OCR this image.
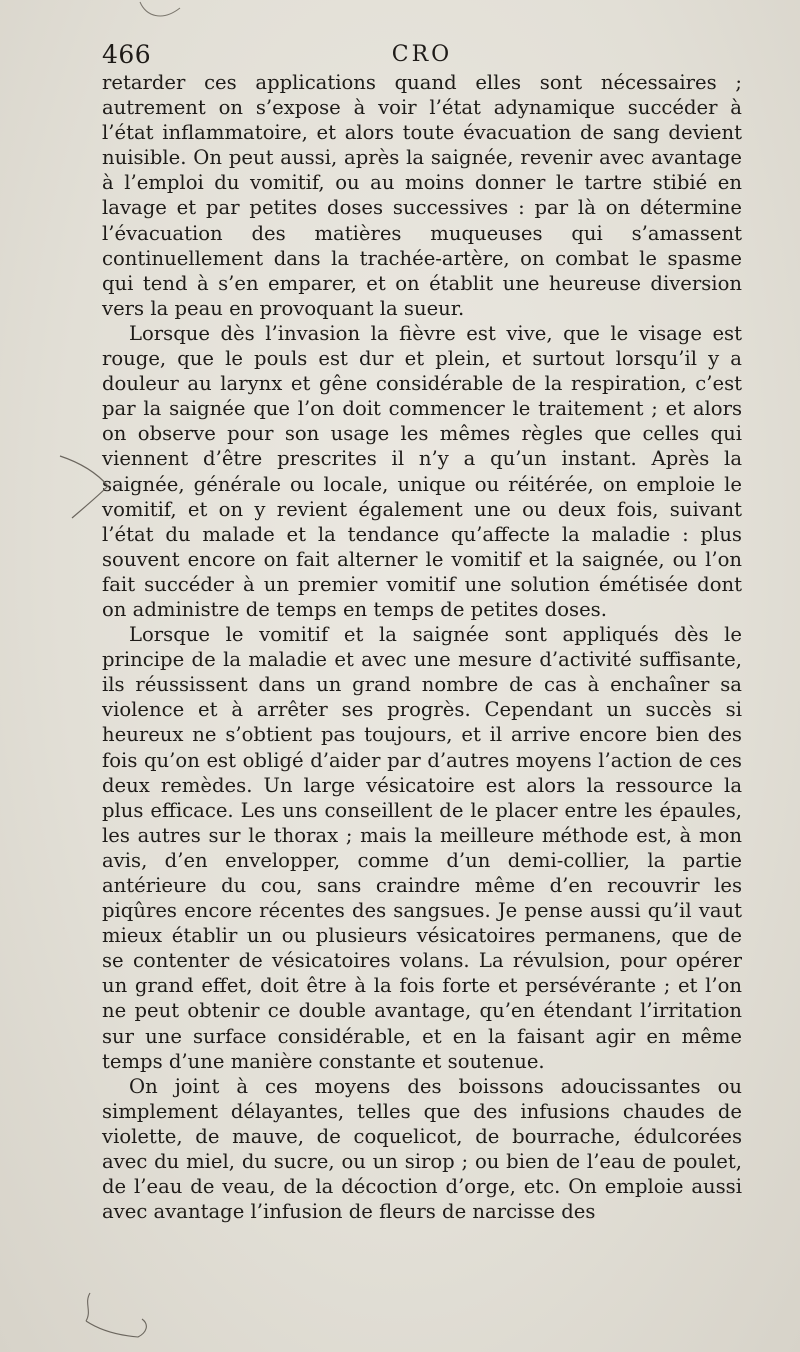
466	CRO

retarder ces applications quand elles sont nécessaires ; autrement on s’expose à voir l’état adynamique succéder à l’état inflammatoire, et alors toute évacuation de sang devient nuisible. On peut aussi, après la saignée, revenir avec avantage à l’emploi du vomitif, ou au moins donner le tartre stibié en lavage et par petites doses successives : par là on détermine l’évacuation des matières muqueuses qui s’amassent continuellement dans la trachée-artère, on combat le spasme qui tend à s’en emparer, et on établit une heureuse diversion vers la peau en provoquant la sueur.

Lorsque dès l’invasion la fièvre est vive, que le visage est rouge, que le pouls est dur et plein, et surtout lorsqu’il y a douleur au larynx et gêne considérable de la respiration, c’est par la saignée que l’on doit commencer le traitement ; et alors on observe pour son usage les mêmes règles que celles qui viennent d’être prescrites il n’y a qu’un instant. Après la saignée, générale ou locale, unique ou réitérée, on emploie le vomitif, et on y revient également une ou deux fois, suivant l’état du malade et la tendance qu’affecte la maladie : plus souvent encore on fait alterner le vomitif et la saignée, ou l’on fait succéder à un premier vomitif une solution émétisée dont on administre de temps en temps de petites doses.

Lorsque le vomitif et la saignée sont appliqués dès le principe de la maladie et avec une mesure d’activité suffisante, ils réussissent dans un grand nombre de cas à enchaîner sa violence et à arrêter ses progrès. Cependant un succès si heureux ne s’obtient pas toujours, et il arrive encore bien des fois qu’on est obligé d’aider par d’autres moyens l’action de ces deux remèdes. Un large vésicatoire est alors la ressource la plus efficace. Les uns conseillent de le placer entre les épaules, les autres sur le thorax ; mais la meilleure méthode est, à mon avis, d’en envelopper, comme d’un demi-collier, la partie antérieure du cou, sans craindre même d’en recouvrir les piqûres encore récentes des sangsues. Je pense aussi qu’il vaut mieux établir un ou plusieurs vésicatoires permanens, que de se contenter de vésicatoires volans. La révulsion, pour opérer un grand effet, doit être à la fois forte et persévérante ; et l’on ne peut obtenir ce double avantage, qu’en étendant l’irritation sur une surface considérable, et en la faisant agir en même temps d’une manière constante et soutenue.

On joint à ces moyens des boissons adoucissantes ou simplement délayantes, telles que des infusions chaudes de violette, de mauve, de coquelicot, de bourrache, édulcorées avec du miel, du sucre, ou un sirop ; ou bien de l’eau de poulet, de l’eau de veau, de la décoction d’orge, etc. On emploie aussi avec avantage l’infusion de fleurs de narcisse des
